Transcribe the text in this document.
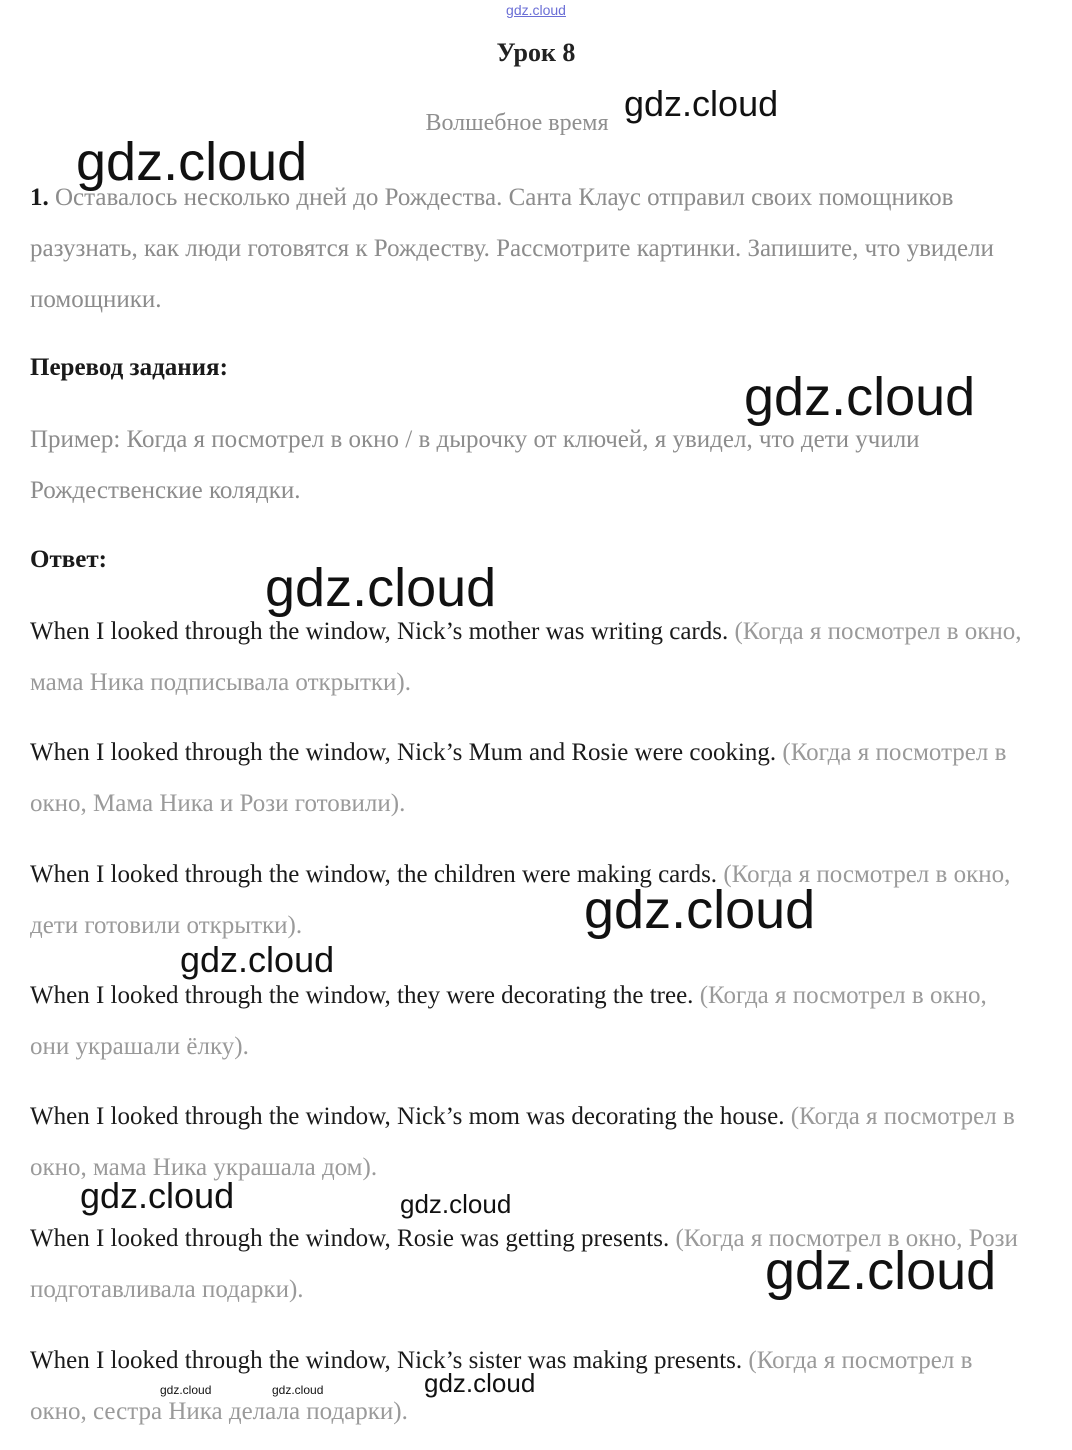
gdz.cloud
Урок 8
Волшебное время
1. Оставалось несколько дней до Рождества. Санта Клаус отправил своих помощников разузнать, как люди готовятся к Рождеству. Рассмотрите картинки. Запишите, что увидели помощники.
Перевод задания:
Пример: Когда я посмотрел в окно / в дырочку от ключей, я увидел, что дети учили Рождественские колядки.
Ответ:
When I looked through the window, Nick’s mother was writing cards. (Когда я посмотрел в окно, мама Ника подписывала открытки).
When I looked through the window, Nick’s Mum and Rosie were cooking. (Когда я посмотрел в окно, Мама Ника и Рози готовили).
When I looked through the window, the children were making cards. (Когда я посмотрел в окно, дети готовили открытки).
When I looked through the window, they were decorating the tree. (Когда я посмотрел в окно, они украшали ёлку).
When I looked through the window, Nick’s mom was decorating the house. (Когда я посмотрел в окно, мама Ника украшала дом).
When I looked through the window, Rosie was getting presents. (Когда я посмотрел в окно, Рози подготавливала подарки).
When I looked through the window, Nick’s sister was making presents. (Когда я посмотрел в окно, сестра Ника делала подарки).
gdz.cloud
gdz.cloud
gdz.cloud
gdz.cloud
gdz.cloud
gdz.cloud
gdz.cloud	gdz.cloud
gdz.cloud
gdz.cloud
gdz.cloud	gdz.cloud
